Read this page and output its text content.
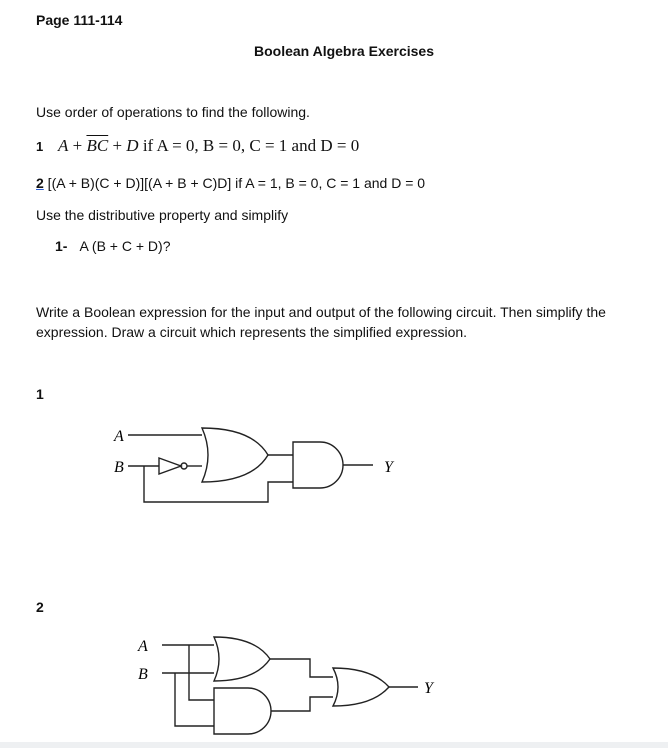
Page 111-114
Boolean Algebra Exercises
Use order of operations to find the following.
1 $A + \overline{BC} + D$ if A = 0, B = 0, C = 1 and D = 0
2 [(A + B)(C + D)][(A + B + C)D] if A = 1, B = 0, C = 1 and D = 0
Use the distributive property and simplify
1- A (B + C + D)?
Write a Boolean expression for the input and output of the following circuit. Then simplify the
expression. Draw a circuit which represents the simplified expression.
1
2
A
B	Y
A
B
Y
